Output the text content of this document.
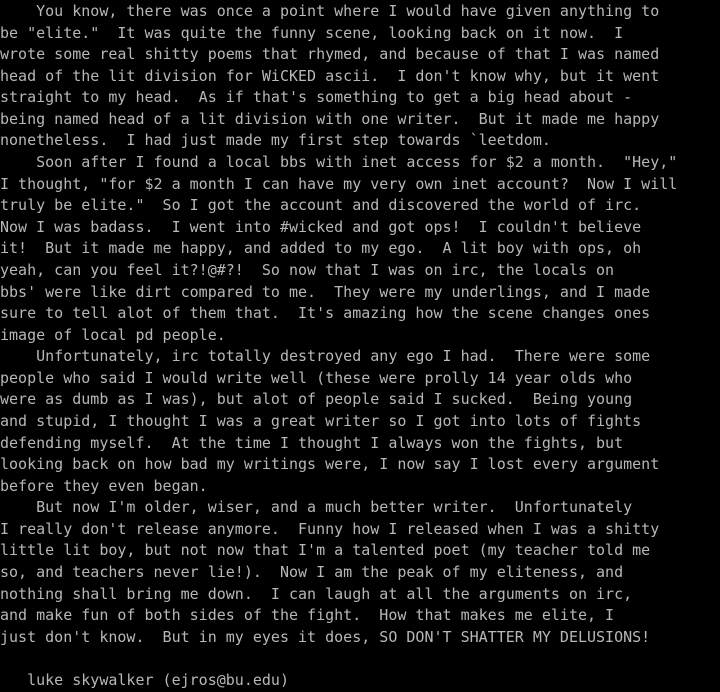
You know, there was once a point where I would have given anything to
be "elite."  It was quite the funny scene, looking back on it now.  I
wrote some real shitty poems that rhymed, and because of that I was named
head of the lit division for WiCKED ascii.  I don't know why, but it went
straight to my head.  As if that's something to get a big head about -
being named head of a lit division with one writer.  But it made me happy
nonetheless.  I had just made my first step towards `leetdom.
Soon after I found a local bbs with inet access for $2 a month.  "Hey,"
I thought, "for $2 a month I can have my very own inet account?  Now I will
truly be elite."  So I got the account and discovered the world of irc.
Now I was badass.  I went into #wicked and got ops!  I couldn't believe
it!  But it made me happy, and added to my ego.  A lit boy with ops, oh
yeah, can you feel it?!@#?!  So now that I was on irc, the locals on
bbs' were like dirt compared to me.  They were my underlings, and I made
sure to tell alot of them that.  It's amazing how the scene changes ones
image of local pd people.
Unfortunately, irc totally destroyed any ego I had.  There were some
people who said I would write well (these were prolly 14 year olds who
were as dumb as I was), but alot of people said I sucked.  Being young
and stupid, I thought I was a great writer so I got into lots of fights
defending myself.  At the time I thought I always won the fights, but
looking back on how bad my writings were, I now say I lost every argument
before they even began.
But now I'm older, wiser, and a much better writer.  Unfortunately
I really don't release anymore.  Funny how I released when I was a shitty
little lit boy, but not now that I'm a talented poet (my teacher told me
so, and teachers never lie!).  Now I am the peak of my eliteness, and
nothing shall bring me down.  I can laugh at all the arguments on irc,
and make fun of both sides of the fight.  How that makes me elite, I
just don't know.  But in my eyes it does, SO DON'T SHATTER MY DELUSIONS!

luke skywalker (ejros@bu.edu)
